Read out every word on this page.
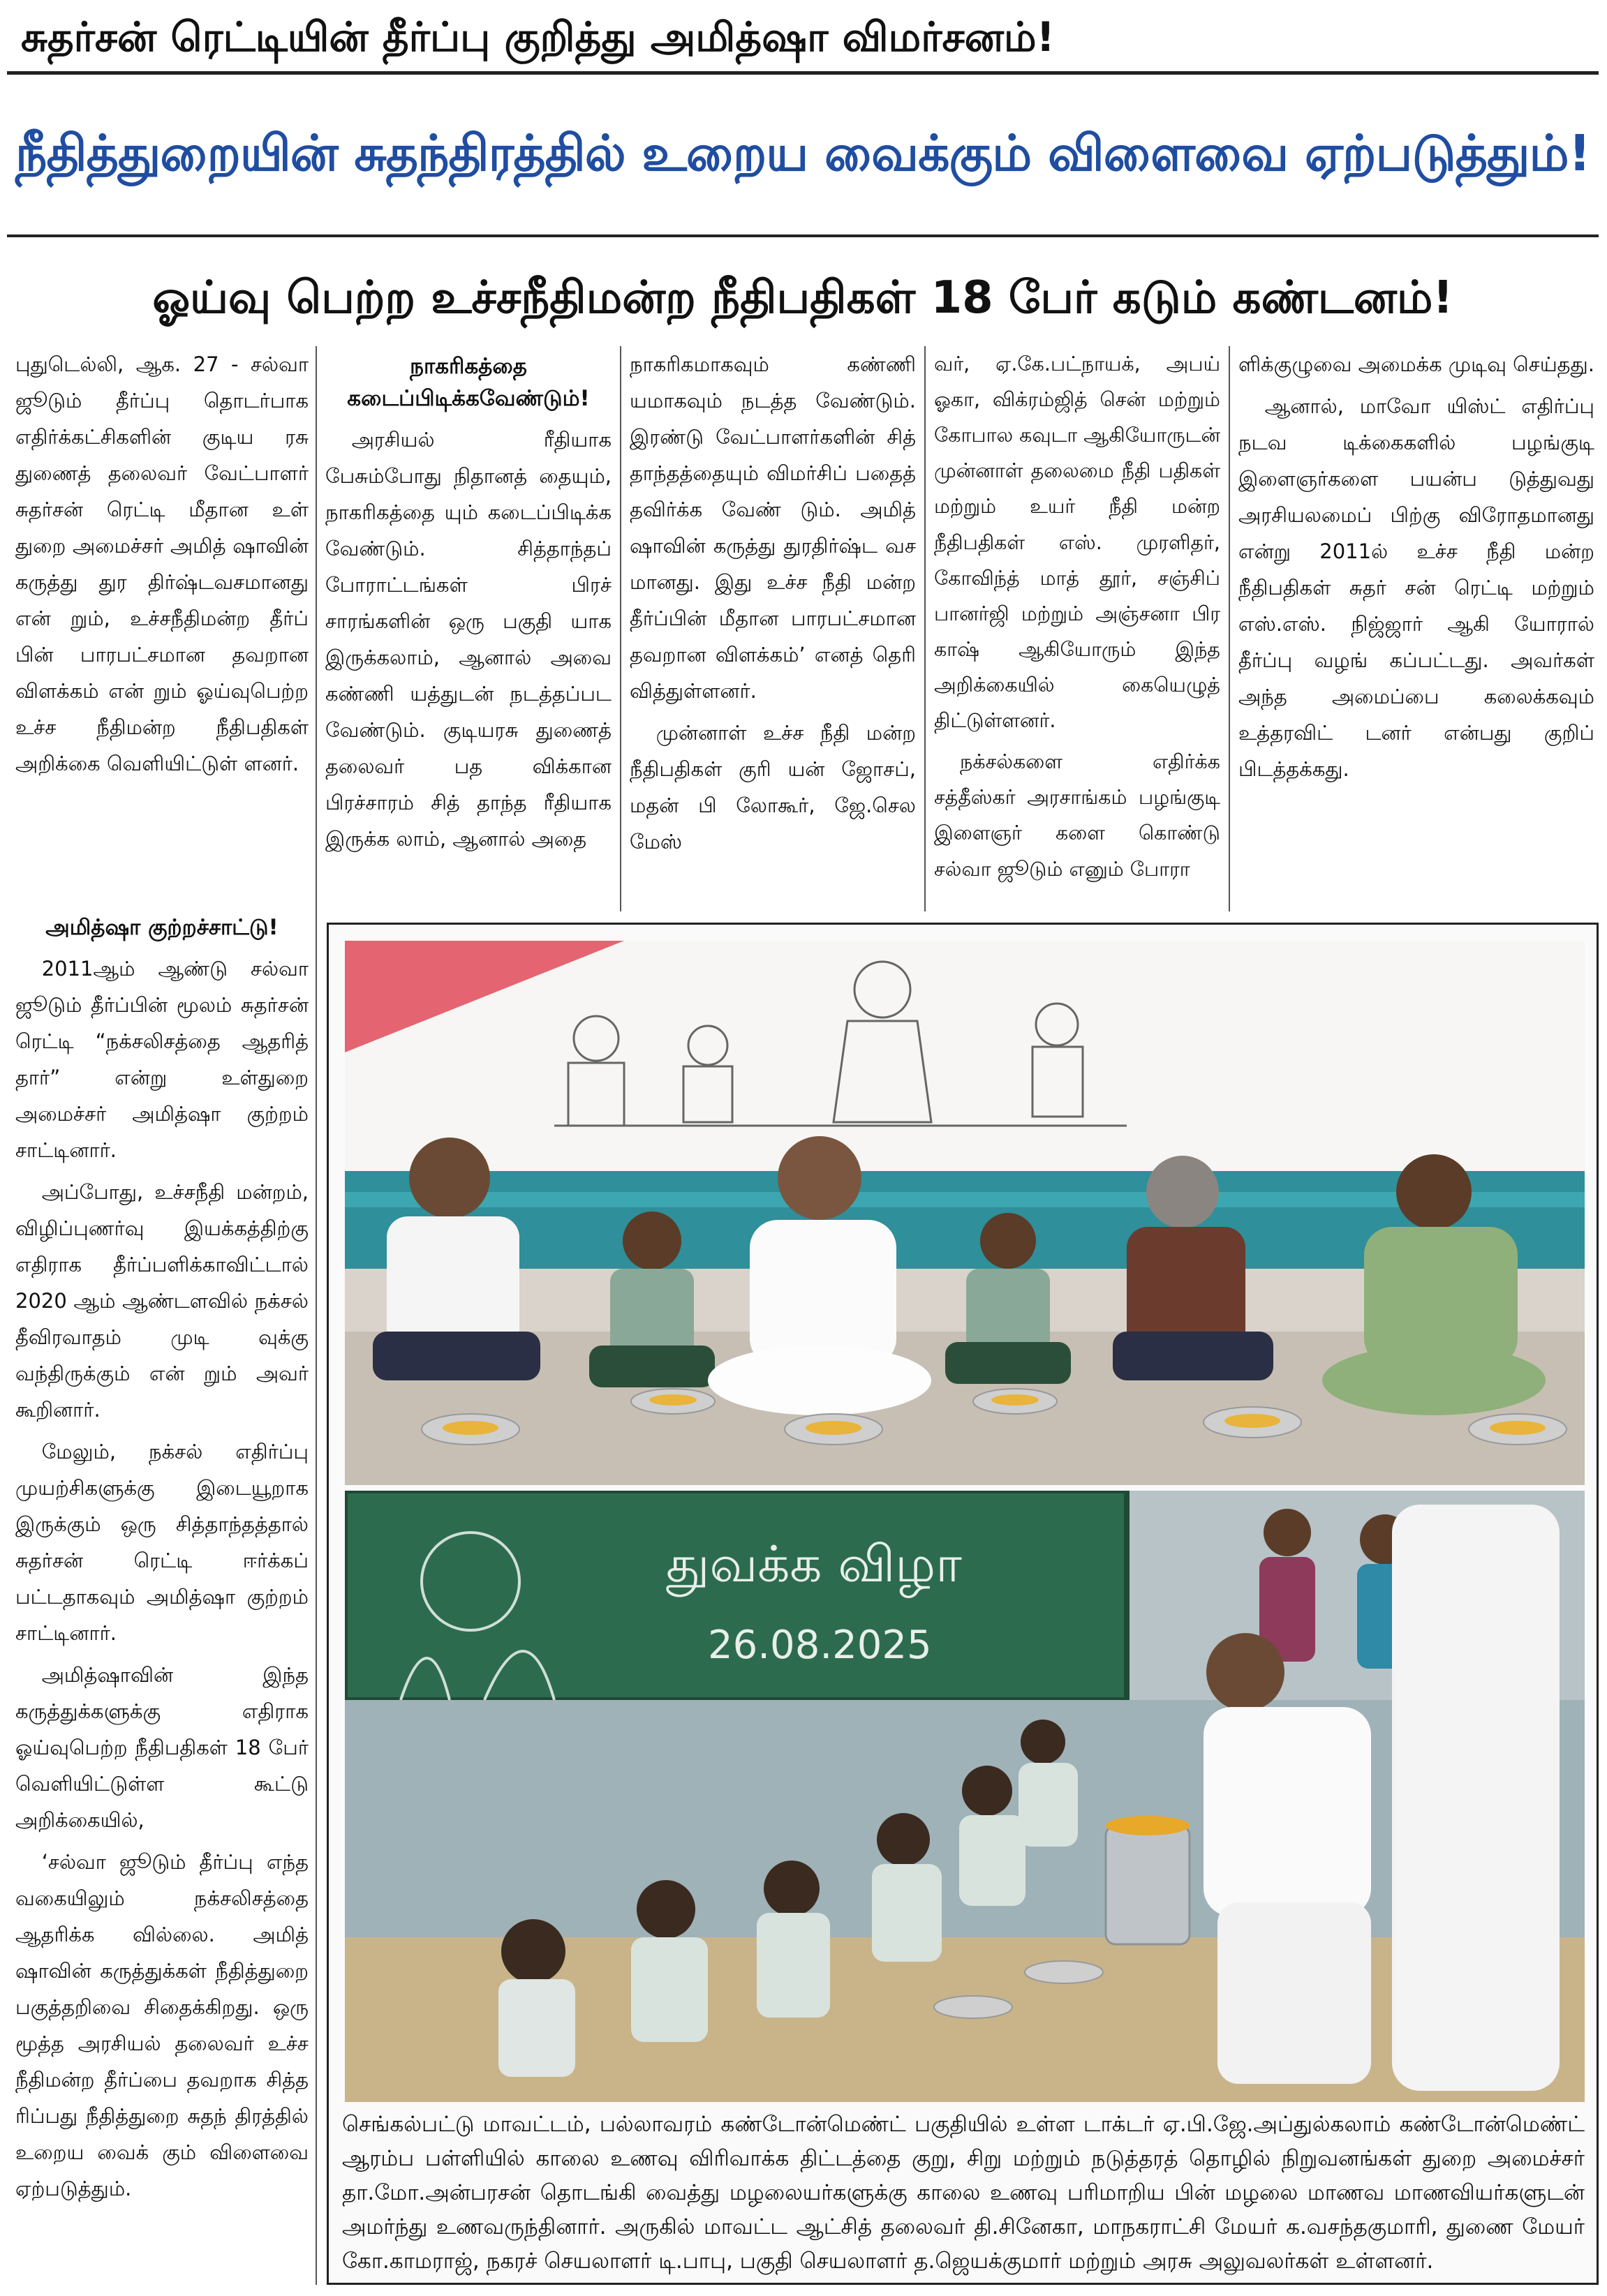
சுதர்சன் ரெட்டியின் தீர்ப்பு குறித்து அமித்ஷா விமர்சனம்!
நீதித்துறையின் சுதந்திரத்தில் உறைய வைக்கும் விளைவை ஏற்படுத்தும்!
ஓய்வு பெற்ற உச்சநீதிமன்ற நீதிபதிகள் 18 பேர் கடும் கண்டனம்!

புதுடெல்லி, ஆக. 27 - சல்வா ஜூடும் தீர்ப்பு தொடர்பாக எதிர்க்கட்சிகளின் குடிய ரசு துணைத் தலைவர் வேட்பாளர் சுதர்சன் ரெட்டி மீதான உள் துறை அமைச்சர் அமித் ஷாவின் கருத்து துர திர்ஷ்டவசமானது என் றும், உச்சநீதிமன்ற தீர்ப் பின் பாரபட்சமான தவறான விளக்கம் என் றும் ஓய்வுபெற்ற உச்ச நீதிமன்ற நீதிபதிகள் அறிக்கை வெளியிட்டுள் ளனர்.

அமித்ஷா குற்றச்சாட்டு!

2011ஆம் ஆண்டு சல்வா ஜூடும் தீர்ப்பின் மூலம் சுதர்சன் ரெட்டி “நக்சலிசத்தை ஆதரித் தார்” என்று உள்துறை அமைச்சர் அமித்ஷா குற்றம் சாட்டினார்.

அப்போது, உச்சநீதி மன்றம், விழிப்புணர்வு இயக்கத்திற்கு எதிராக தீர்ப்பளிக்காவிட்டால் 2020 ஆம் ஆண்டளவில் நக்சல் தீவிரவாதம் முடி வுக்கு வந்திருக்கும் என் றும் அவர் கூறினார்.

மேலும், நக்சல் எதிர்ப்பு முயற்சிகளுக்கு இடையூறாக இருக்கும் ஒரு சித்தாந்தத்தால் சுதர்சன் ரெட்டி ஈர்க்கப் பட்டதாகவும் அமித்ஷா குற்றம் சாட்டினார்.

அமித்ஷாவின் இந்த கருத்துக்களுக்கு எதிராக ஓய்வுபெற்ற நீதிபதிகள் 18 பேர் வெளியிட்டுள்ள கூட்டு அறிக்கையில்,

‘சல்வா ஜூடும் தீர்ப்பு எந்த வகையிலும் நக்சலிசத்தை ஆதரிக்க வில்லை. அமித் ஷாவின் கருத்துக்கள் நீதித்துறை பகுத்தறிவை சிதைக்கிறது. ஒரு மூத்த அரசியல் தலைவர் உச்ச நீதிமன்ற தீர்ப்பை தவறாக சித்த ரிப்பது நீதித்துறை சுதந் திரத்தில் உறைய வைக் கும் விளைவை ஏற்படுத்தும்.

நாகரிகத்தை கடைப்பிடிக்கவேண்டும்!

அரசியல் ரீதியாக பேசும்போது நிதானத் தையும், நாகரிகத்தை யும் கடைப்பிடிக்க வேண்டும். சித்தாந்தப் போராட்டங்கள் பிரச் சாரங்களின் ஒரு பகுதி யாக இருக்கலாம், ஆனால் அவை கண்ணி யத்துடன் நடத்தப்பட வேண்டும். குடியரசு துணைத் தலைவர் பத விக்கான பிரச்சாரம் சித் தாந்த ரீதியாக இருக்க லாம், ஆனால் அதை

நாகரிகமாகவும் கண்ணி யமாகவும் நடத்த வேண்டும். இரண்டு வேட்பாளர்களின் சித் தாந்தத்தையும் விமர்சிப் பதைத் தவிர்க்க வேண் டும். அமித் ஷாவின் கருத்து துரதிர்ஷ்ட வச மானது. இது உச்ச நீதி மன்ற தீர்ப்பின் மீதான பாரபட்சமான தவறான விளக்கம்’ எனத் தெரி வித்துள்ளனர்.

முன்னாள் உச்ச நீதி மன்ற நீதிபதிகள் குரி யன் ஜோசப், மதன் பி லோகூர், ஜே.செல மேஸ்

வர், ஏ.கே.பட்நாயக், அபய் ஓகா, விக்ரம்ஜித் சென் மற்றும் கோபால கவுடா ஆகியோருடன் முன்னாள் தலைமை நீதி பதிகள் மற்றும் உயர் நீதி மன்ற நீதிபதிகள் எஸ். முரளிதர், கோவிந்த் மாத் தூர், சஞ்சிப் பானர்ஜி மற்றும் அஞ்சனா பிர காஷ் ஆகியோரும் இந்த அறிக்கையில் கையெழுத் திட்டுள்ளனர்.

நக்சல்களை எதிர்க்க சத்தீஸ்கர் அரசாங்கம் பழங்குடி இளைஞர் களை கொண்டு சல்வா ஜூடும் எனும் போரா

ளிக்குழுவை அமைக்க முடிவு செய்தது.

ஆனால், மாவோ யிஸ்ட் எதிர்ப்பு நடவ டிக்கைகளில் பழங்குடி இளைஞர்களை பயன்ப டுத்துவது அரசியலமைப் பிற்கு விரோதமானது என்று 2011ல் உச்ச நீதி மன்ற நீதிபதிகள் சுதர் சன் ரெட்டி மற்றும் எஸ்.எஸ். நிஜ்ஜார் ஆகி யோரால் தீர்ப்பு வழங் கப்பட்டது. அவர்கள் அந்த அமைப்பை கலைக்கவும் உத்தரவிட் டனர் என்பது குறிப் பிடத்தக்கது.

துவக்க விழா
26.08.2025
செங்கல்பட்டு மாவட்டம், பல்லாவரம் கண்டோன்மெண்ட் பகுதியில் உள்ள டாக்டர் ஏ.பி.ஜே.அப்துல்கலாம் கண்டோன்மெண்ட் ஆரம்ப பள்ளியில் காலை உணவு விரிவாக்க திட்டத்தை குறு, சிறு மற்றும் நடுத்தரத் தொழில் நிறுவனங்கள் துறை அமைச்சர் தா.மோ.அன்பரசன் தொடங்கி வைத்து மழலையர்களுக்கு காலை உணவு பரிமாறிய பின் மழலை மாணவ மாணவியர்களுடன் அமர்ந்து உணவருந்தினார். அருகில் மாவட்ட ஆட்சித் தலைவர் தி.சினேகா, மாநகராட்சி மேயர் க.வசந்தகுமாரி, துணை மேயர் கோ.காமராஜ், நகரச் செயலாளர் டி.பாபு, பகுதி செயலாளர் த.ஜெயக்குமார் மற்றும் அரசு அலுவலர்கள் உள்ளனர்.
